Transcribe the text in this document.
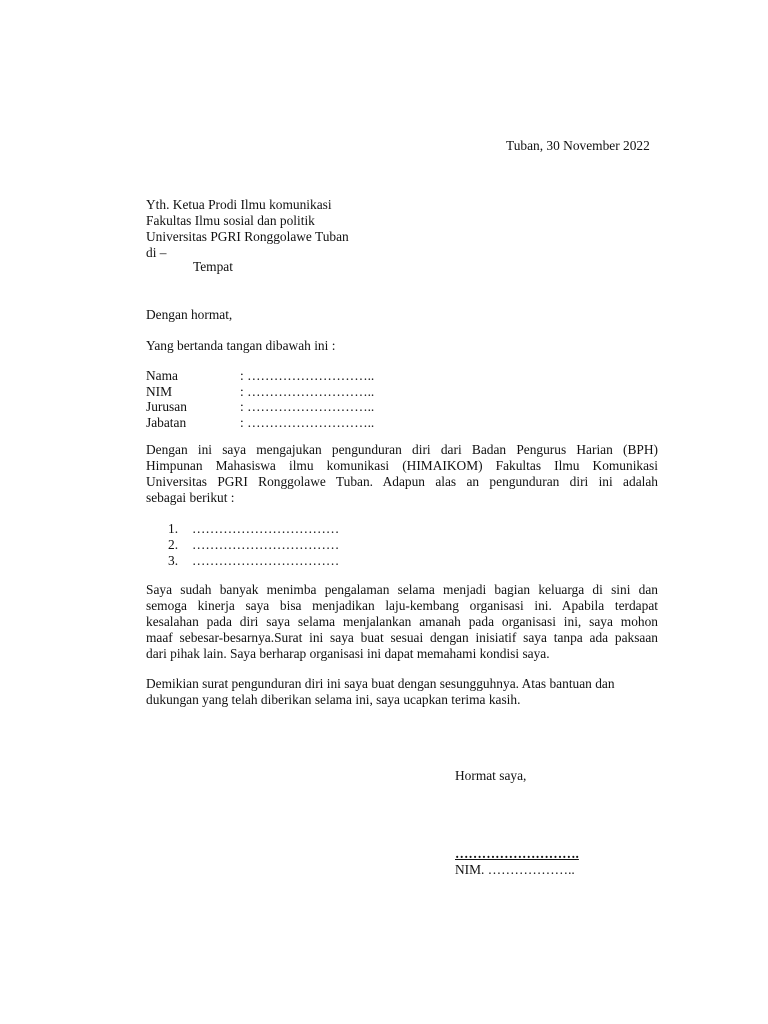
Tuban, 30 November 2022
Yth. Ketua Prodi Ilmu komunikasi
Fakultas Ilmu sosial dan politik
Universitas PGRI Ronggolawe Tuban
di –
Tempat
Dengan hormat,
Yang bertanda tangan dibawah ini :
Nama	: ………………………..
NIM	: ………………………..
Jurusan	: ………………………..
Jabatan	: ………………………..
Dengan ini saya mengajukan pengunduran diri dari Badan Pengurus Harian (BPH)
Himpunan Mahasiswa ilmu komunikasi (HIMAIKOM) Fakultas Ilmu Komunikasi
Universitas PGRI Ronggolawe Tuban. Adapun alas an pengunduran diri ini adalah
sebagai berikut :
1. ……………………………
2. ……………………………
3. ……………………………
Saya sudah banyak menimba pengalaman selama menjadi bagian keluarga di sini dan
semoga kinerja saya bisa menjadikan laju-kembang organisasi ini. Apabila terdapat
kesalahan pada diri saya selama menjalankan amanah pada organisasi ini, saya mohon
maaf sebesar-besarnya.Surat ini saya buat sesuai dengan inisiatif saya tanpa ada paksaan
dari pihak lain. Saya berharap organisasi ini dapat memahami kondisi saya.
Demikian surat pengunduran diri ini saya buat dengan sesungguhnya. Atas bantuan dan
dukungan yang telah diberikan selama ini, saya ucapkan terima kasih.
Hormat saya,
……………………….
NIM. ………………..
